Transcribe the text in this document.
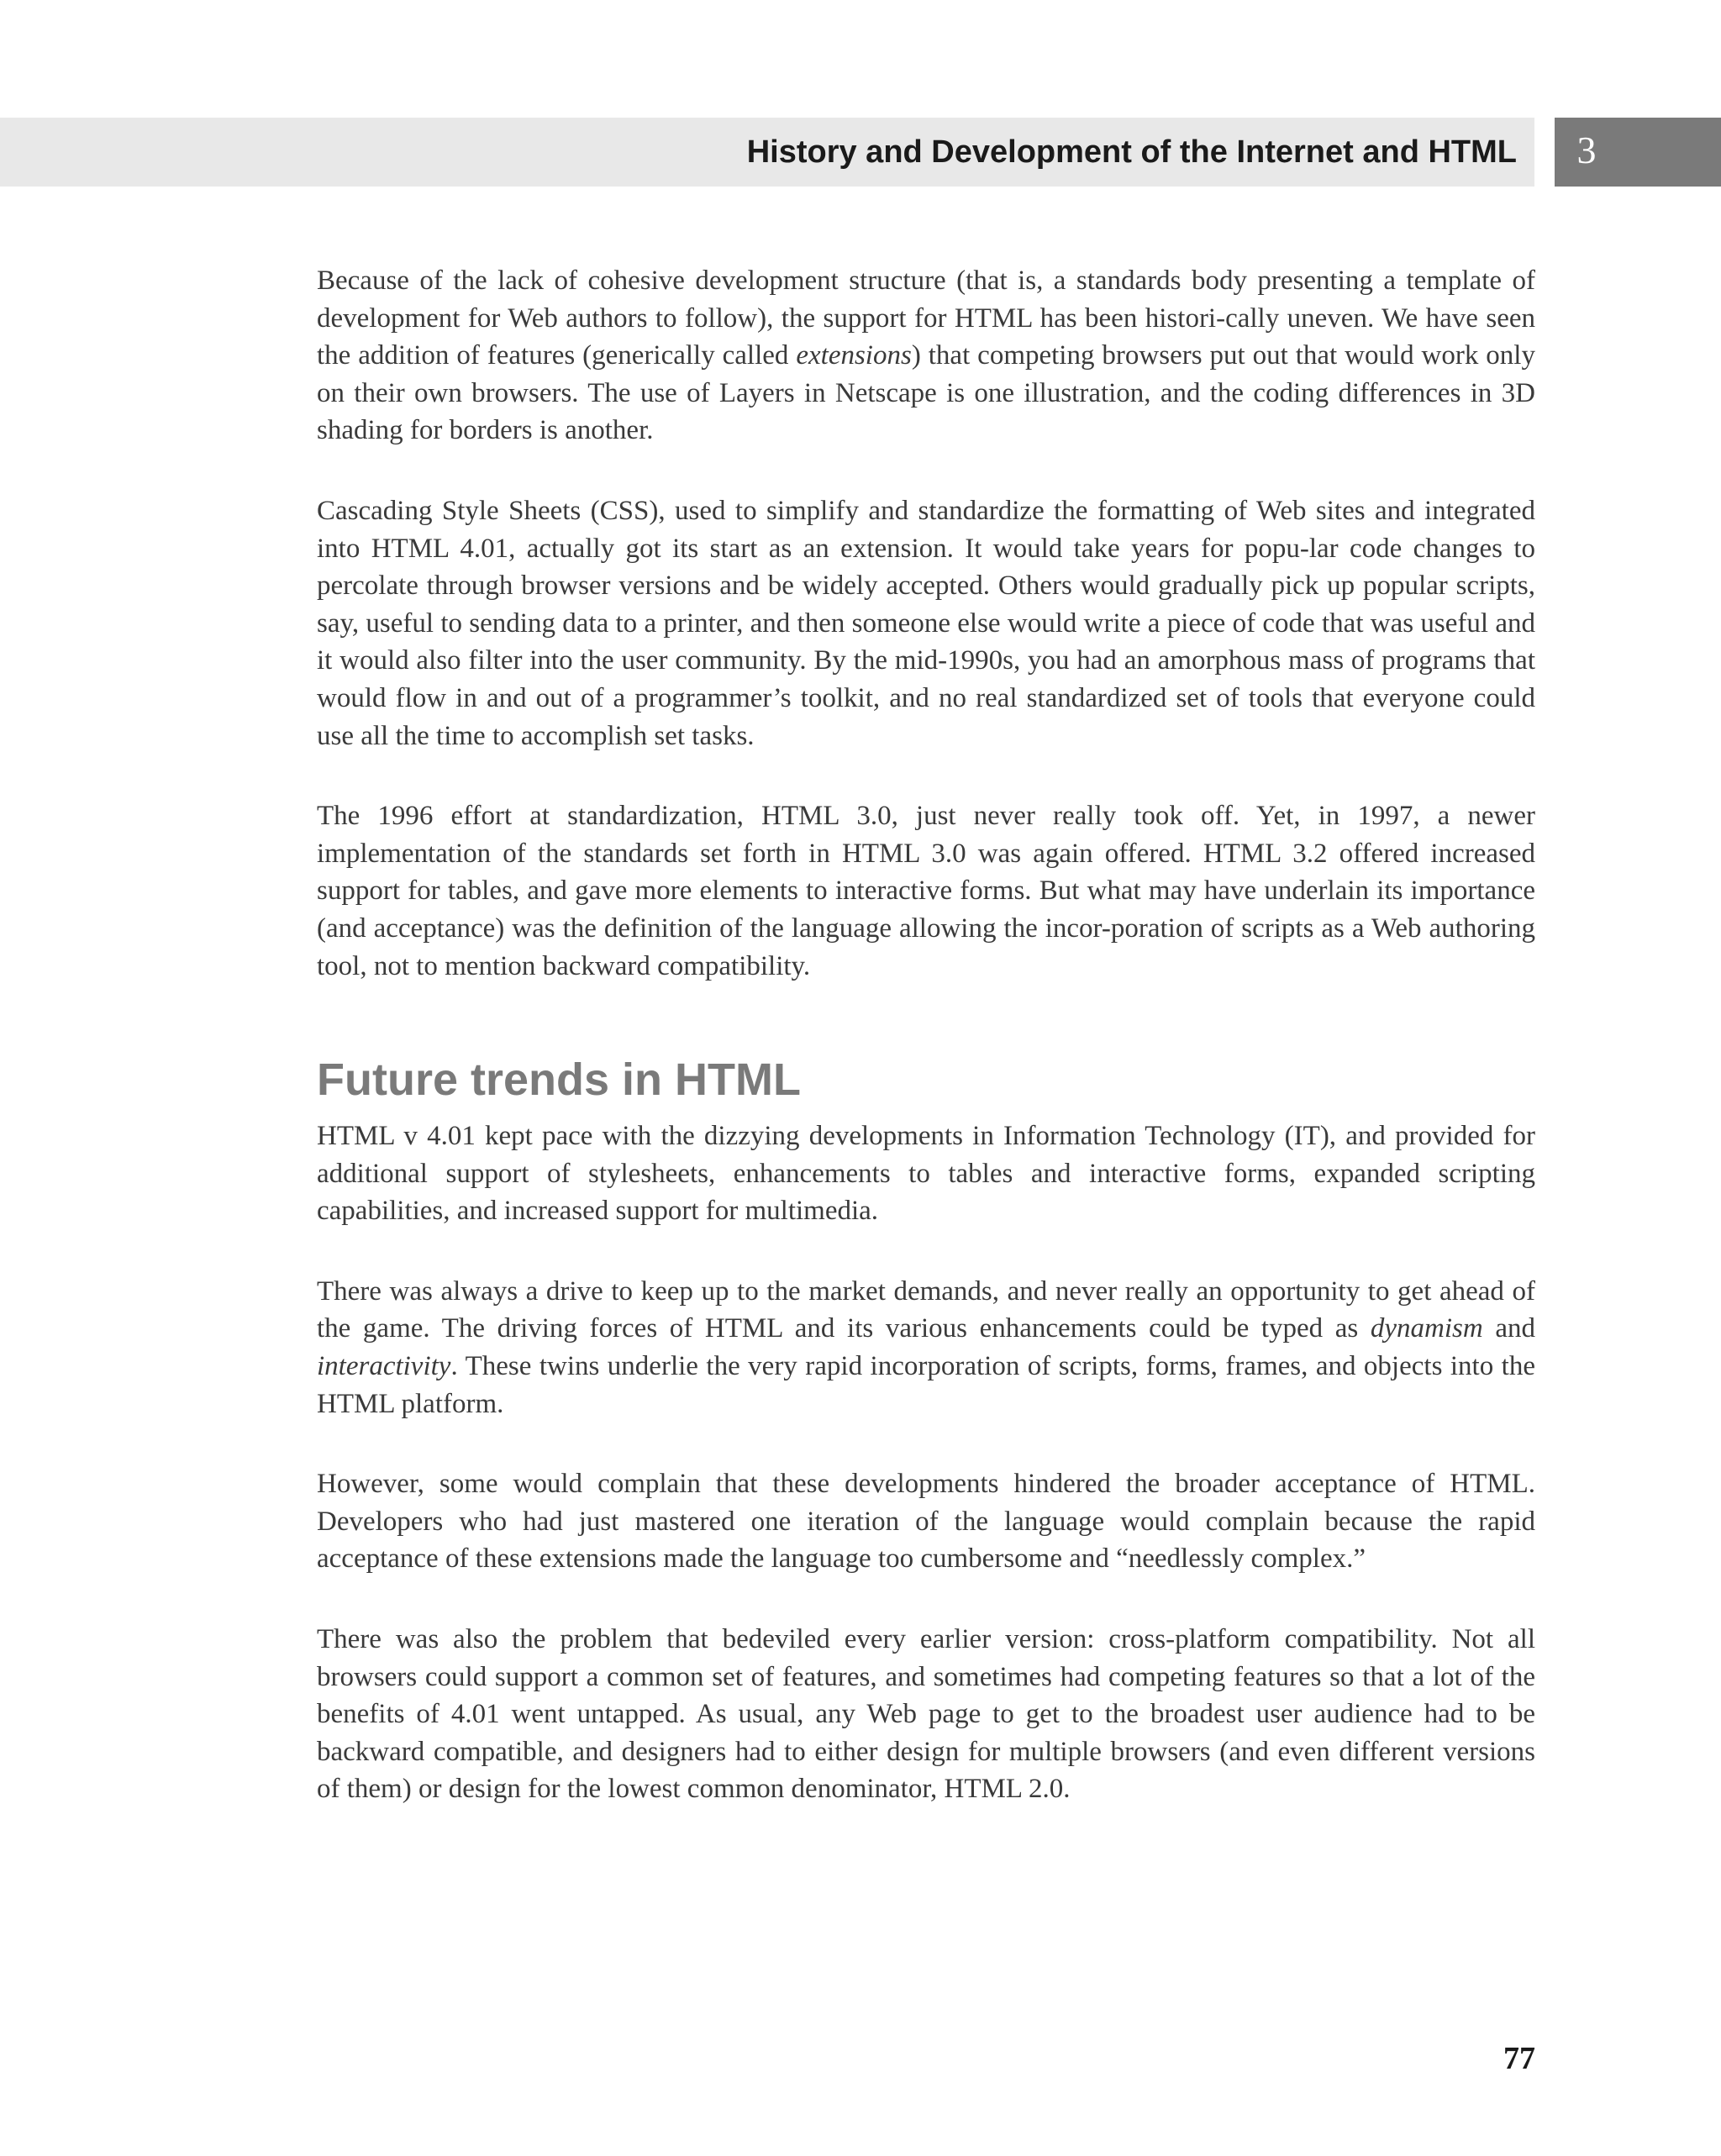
History and Development of the Internet and HTML	3

Because of the lack of cohesive development structure (that is, a standards body presenting a template of development for Web authors to follow), the support for HTML has been histori-cally uneven. We have seen the addition of features (generically called extensions) that competing browsers put out that would work only on their own browsers. The use of Layers in Netscape is one illustration, and the coding differences in 3D shading for borders is another.

Cascading Style Sheets (CSS), used to simplify and standardize the formatting of Web sites and integrated into HTML 4.01, actually got its start as an extension. It would take years for popu-lar code changes to percolate through browser versions and be widely accepted. Others would gradually pick up popular scripts, say, useful to sending data to a printer, and then someone else would write a piece of code that was useful and it would also filter into the user community. By the mid-1990s, you had an amorphous mass of programs that would flow in and out of a programmer’s toolkit, and no real standardized set of tools that everyone could use all the time to accomplish set tasks.

The 1996 effort at standardization, HTML 3.0, just never really took off. Yet, in 1997, a newer implementation of the standards set forth in HTML 3.0 was again offered. HTML 3.2 offered increased support for tables, and gave more elements to interactive forms. But what may have underlain its importance (and acceptance) was the definition of the language allowing the incor-poration of scripts as a Web authoring tool, not to mention backward compatibility.

Future trends in HTML

HTML v 4.01 kept pace with the dizzying developments in Information Technology (IT), and provided for additional support of stylesheets, enhancements to tables and interactive forms, expanded scripting capabilities, and increased support for multimedia.

There was always a drive to keep up to the market demands, and never really an opportunity to get ahead of the game. The driving forces of HTML and its various enhancements could be typed as dynamism and interactivity. These twins underlie the very rapid incorporation of scripts, forms, frames, and objects into the HTML platform.

However, some would complain that these developments hindered the broader acceptance of HTML. Developers who had just mastered one iteration of the language would complain because the rapid acceptance of these extensions made the language too cumbersome and “needlessly complex.”

There was also the problem that bedeviled every earlier version: cross-platform compatibility. Not all browsers could support a common set of features, and sometimes had competing features so that a lot of the benefits of 4.01 went untapped. As usual, any Web page to get to the broadest user audience had to be backward compatible, and designers had to either design for multiple browsers (and even different versions of them) or design for the lowest common denominator, HTML 2.0.

77
